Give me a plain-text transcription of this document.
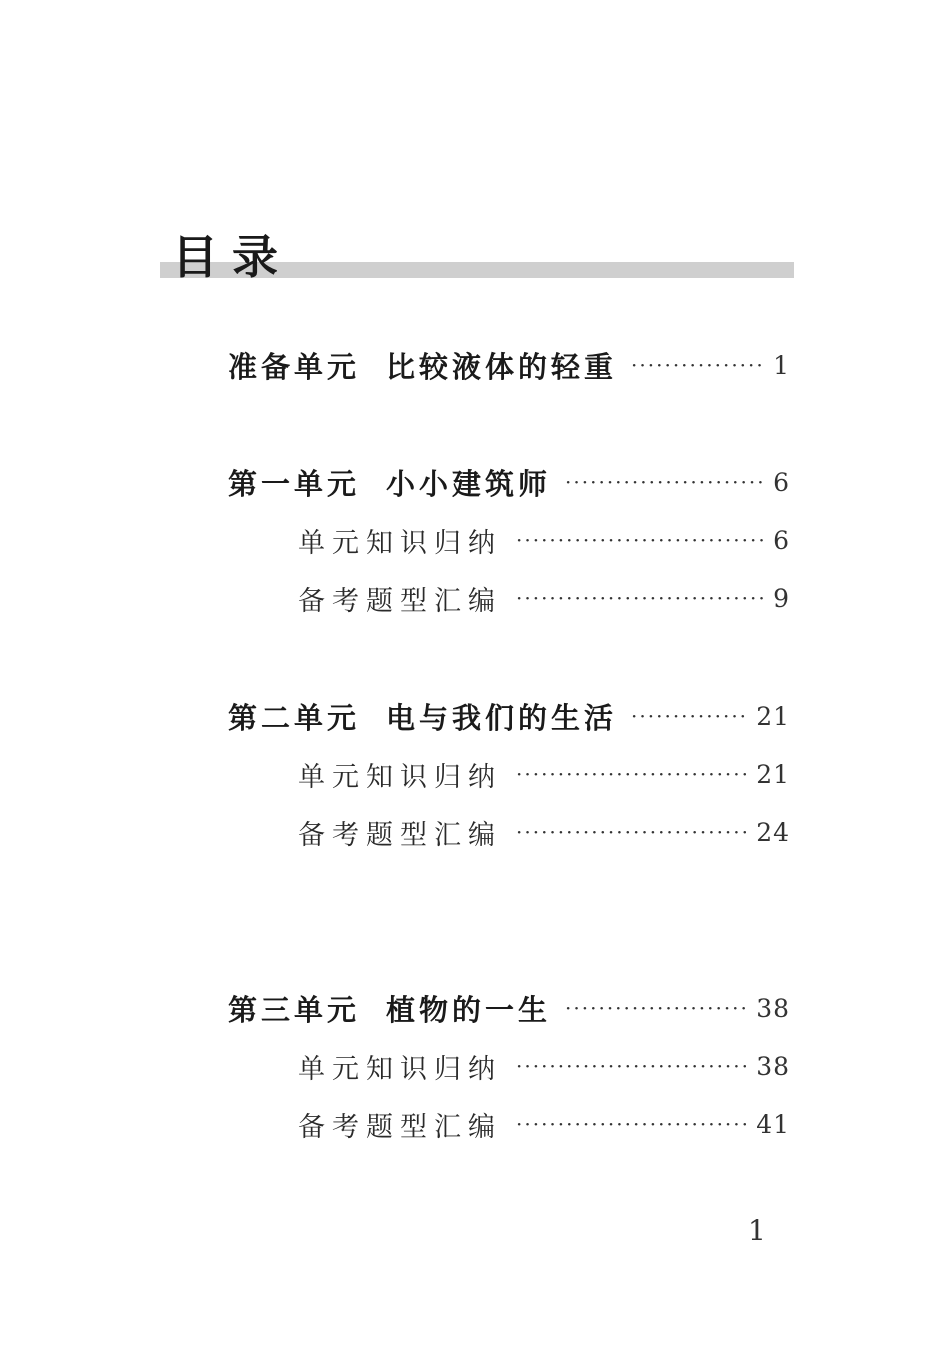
目录
准备单元 比较液体的轻重 ·····	1
第一单元 小小建筑师 ·····	6
单元知识归纳 ·····	6
备考题型汇编 ·····	9
第二单元 电与我们的生活 ·····	21
单元知识归纳 ·····	21
备考题型汇编 ·····	24
第三单元 植物的一生 ·····	38
单元知识归纳 ·····	38
备考题型汇编 ·····	41
1
